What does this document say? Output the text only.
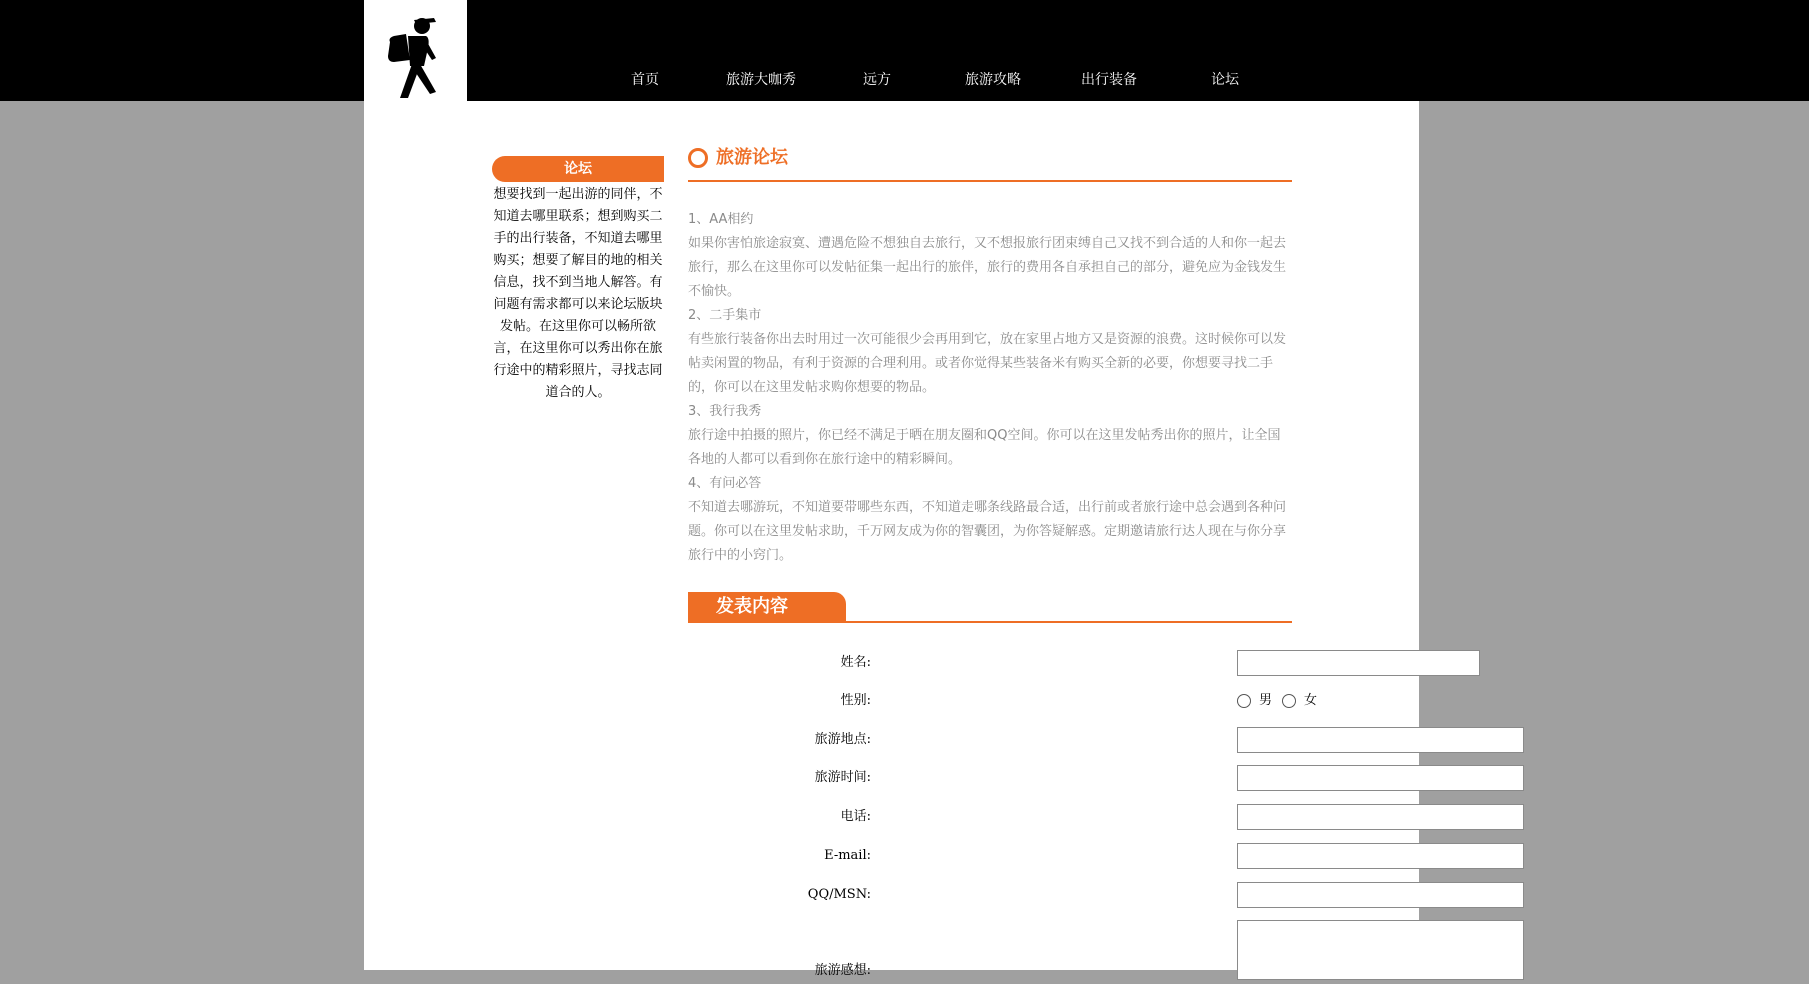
首页	旅游大咖秀	远方	旅游攻略	出行装备	论坛
论坛
想要找到一起出游的同伴，不知道去哪里联系；想到购买二手的出行装备，不知道去哪里购买；想要了解目的地的相关信息，找不到当地人解答。有问题有需求都可以来论坛版块发帖。在这里你可以畅所欲言，在这里你可以秀出你在旅行途中的精彩照片，寻找志同道合的人。
旅游论坛

1、AA相约

如果你害怕旅途寂寞、遭遇危险不想独自去旅行，又不想报旅行团束缚自己又找不到合适的人和你一起去旅行，那么在这里你可以发帖征集一起出行的旅伴，旅行的费用各自承担自己的部分，避免应为金钱发生不愉快。

2、二手集市

有些旅行装备你出去时用过一次可能很少会再用到它，放在家里占地方又是资源的浪费。这时候你可以发帖卖闲置的物品，有利于资源的合理利用。或者你觉得某些装备米有购买全新的必要，你想要寻找二手的，你可以在这里发帖求购你想要的物品。

3、我行我秀

旅行途中拍摄的照片，你已经不满足于晒在朋友圈和QQ空间。你可以在这里发帖秀出你的照片，让全国各地的人都可以看到你在旅行途中的精彩瞬间。

4、有问必答

不知道去哪游玩，不知道要带哪些东西，不知道走哪条线路最合适，出行前或者旅行途中总会遇到各种问题。你可以在这里发帖求助，千万网友成为你的智囊团，为你答疑解惑。定期邀请旅行达人现在与你分享旅行中的小窍门。

发表内容
姓名:
性别:	男 女
旅游地点:
旅游时间:
电话:
E-mail:
QQ/MSN:
旅游感想:
